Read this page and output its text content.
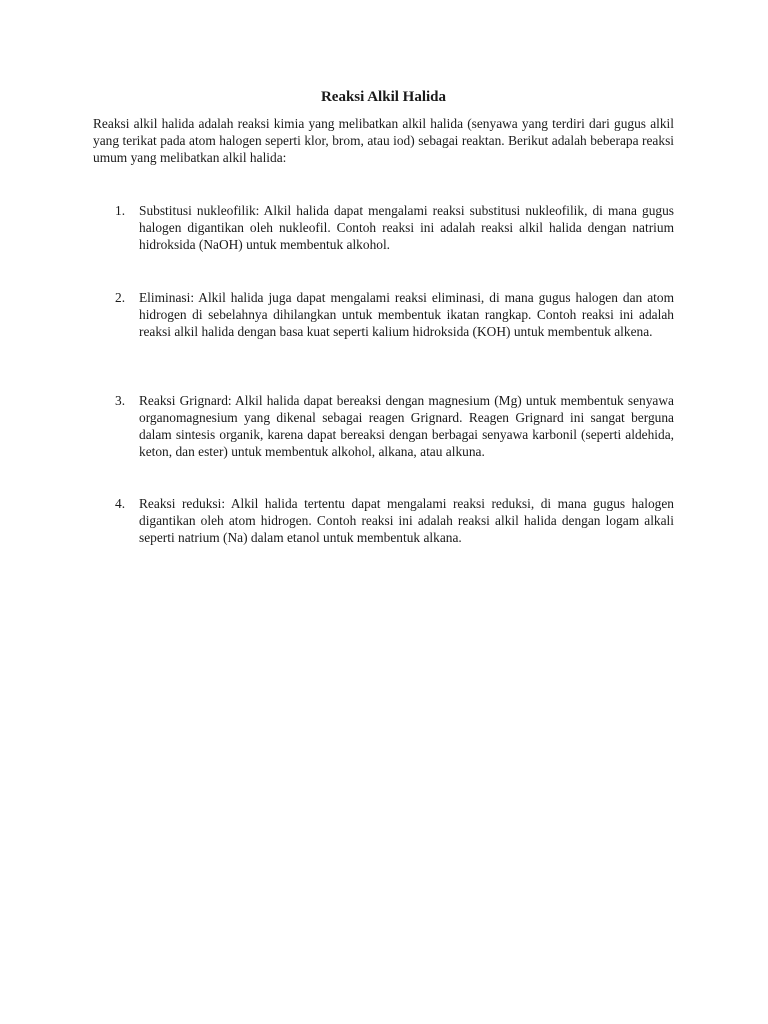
Reaksi Alkil Halida

Reaksi alkil halida adalah reaksi kimia yang melibatkan alkil halida (senyawa yang terdiri dari gugus alkil yang terikat pada atom halogen seperti klor, brom, atau iod) sebagai reaktan. Berikut adalah beberapa reaksi umum yang melibatkan alkil halida:

1. Substitusi nukleofilik: Alkil halida dapat mengalami reaksi substitusi nukleofilik, di mana gugus halogen digantikan oleh nukleofil. Contoh reaksi ini adalah reaksi alkil halida dengan natrium hidroksida (NaOH) untuk membentuk alkohol.
2. Eliminasi: Alkil halida juga dapat mengalami reaksi eliminasi, di mana gugus halogen dan atom hidrogen di sebelahnya dihilangkan untuk membentuk ikatan rangkap. Contoh reaksi ini adalah reaksi alkil halida dengan basa kuat seperti kalium hidroksida (KOH) untuk membentuk alkena.
3. Reaksi Grignard: Alkil halida dapat bereaksi dengan magnesium (Mg) untuk membentuk senyawa organomagnesium yang dikenal sebagai reagen Grignard. Reagen Grignard ini sangat berguna dalam sintesis organik, karena dapat bereaksi dengan berbagai senyawa karbonil (seperti aldehida, keton, dan ester) untuk membentuk alkohol, alkana, atau alkuna.
4. Reaksi reduksi: Alkil halida tertentu dapat mengalami reaksi reduksi, di mana gugus halogen digantikan oleh atom hidrogen. Contoh reaksi ini adalah reaksi alkil halida dengan logam alkali seperti natrium (Na) dalam etanol untuk membentuk alkana.
